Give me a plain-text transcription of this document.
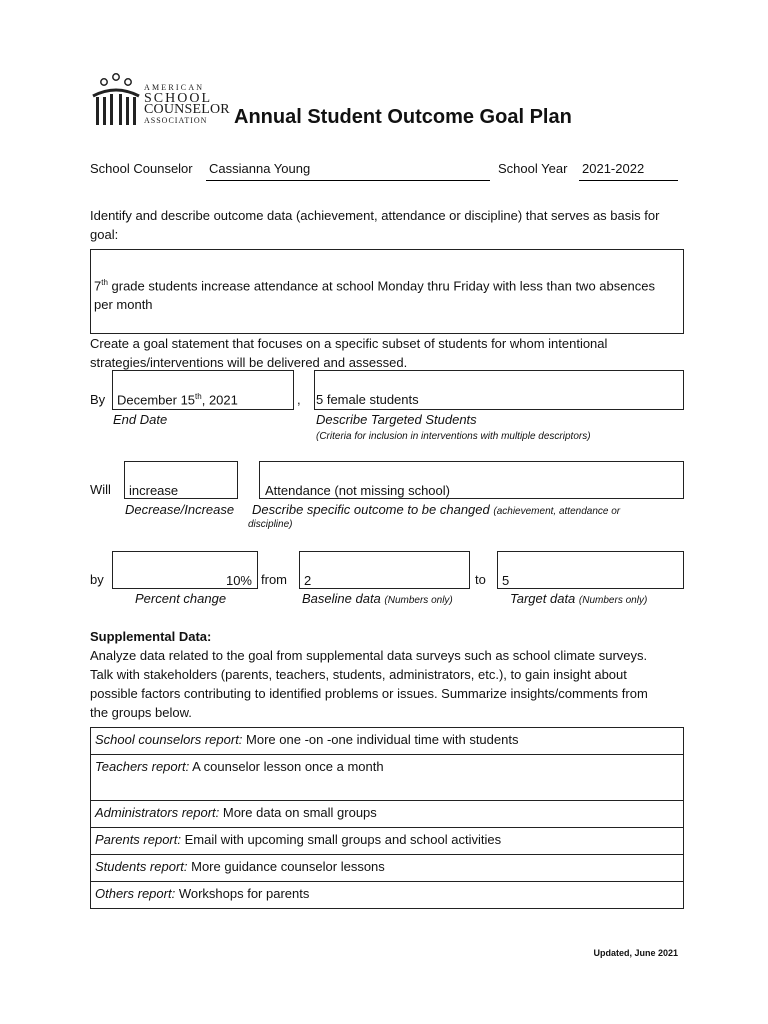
AMERICAN
SCHOOL
COUNSELOR
ASSOCIATION	Annual Student Outcome Goal Plan
School Counselor Cassianna Young	School Year 2021-2022
Identify and describe outcome data (achievement, attendance or discipline) that serves as basis for goal:
7th grade students increase attendance at school Monday thru Friday with less than two absences per month
Create a goal statement that focuses on a specific subset of students for whom intentional strategies/interventions will be delivered and assessed.
By December 15th, 2021	, 5 female students
End Date	Describe Targeted Students
(Criteria for inclusion in interventions with multiple descriptors)
Will increase	Attendance (not missing school)
Decrease/Increase Describe specific outcome to be changed (achievement, attendance or
discipline)
by	10% from 2	to 5
Percent change	Baseline data (Numbers only)	Target data (Numbers only)
Supplemental Data:
Analyze data related to the goal from supplemental data surveys such as school climate surveys. Talk with stakeholders (parents, teachers, students, administrators, etc.), to gain insight about possible factors contributing to identified problems or issues. Summarize insights/comments from the groups below.
School counselors report: More one -on -one individual time with students
Teachers report: A counselor lesson once a month
Administrators report: More data on small groups
Parents report: Email with upcoming small groups and school activities
Students report: More guidance counselor lessons
Others report: Workshops for parents
Updated, June 2021
